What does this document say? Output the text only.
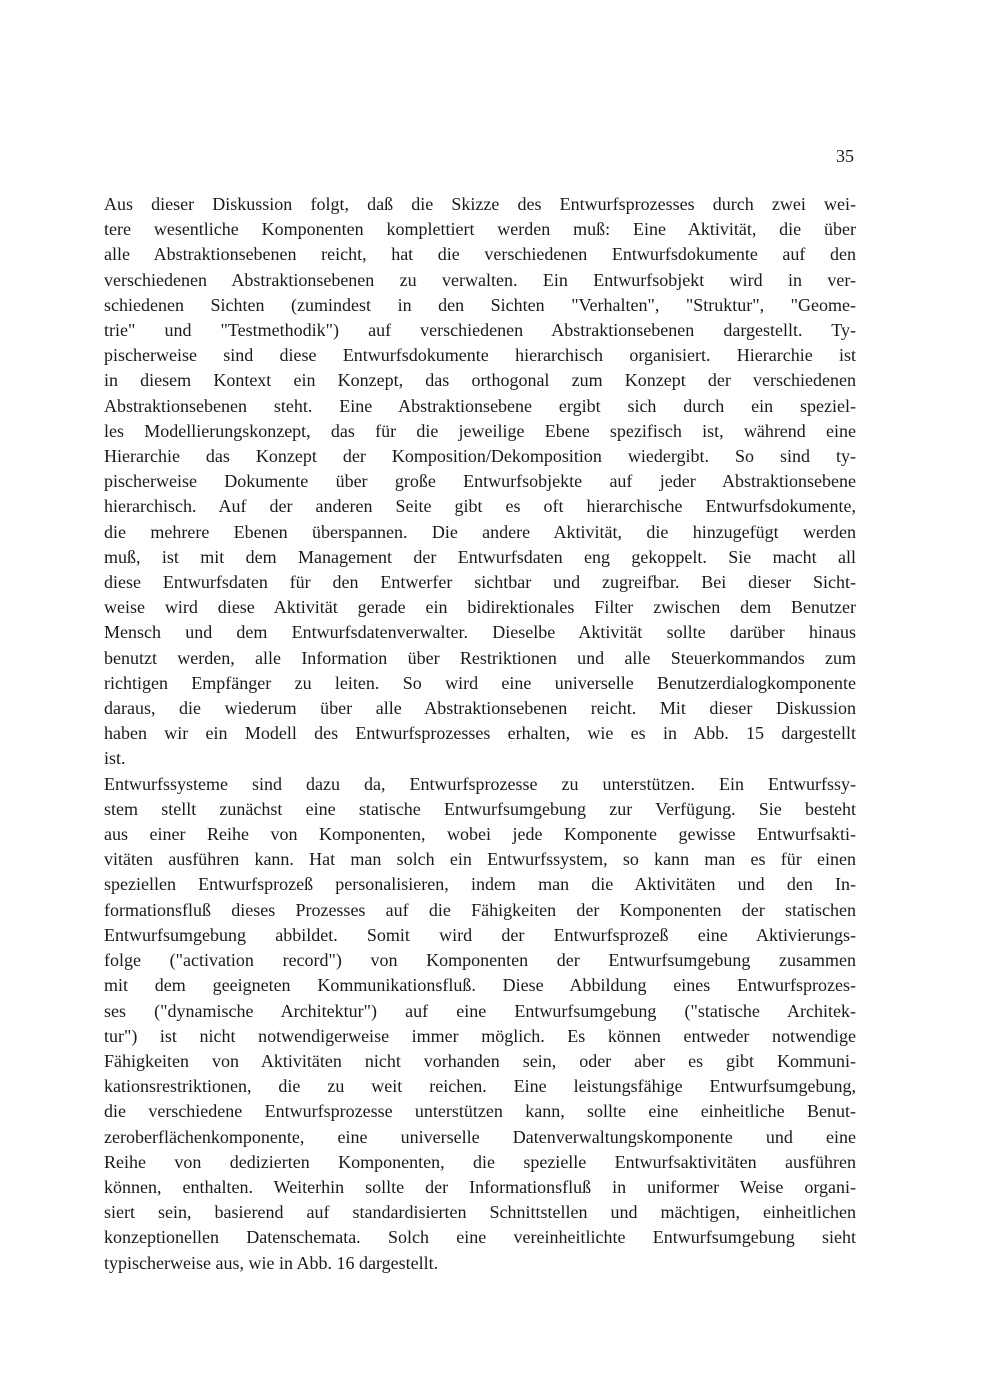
35
Aus dieser Diskussion folgt, daß die Skizze des Entwurfsprozesses durch zwei wei-
tere wesentliche Komponenten komplettiert werden muß: Eine Aktivität, die über
alle Abstraktionsebenen reicht, hat die verschiedenen Entwurfsdokumente auf den
verschiedenen Abstraktionsebenen zu verwalten. Ein Entwurfsobjekt wird in ver-
schiedenen Sichten (zumindest in den Sichten "Verhalten", "Struktur", "Geome-
trie" und "Testmethodik") auf verschiedenen Abstraktionsebenen dargestellt. Ty-
pischerweise sind diese Entwurfsdokumente hierarchisch organisiert. Hierarchie ist
in diesem Kontext ein Konzept, das orthogonal zum Konzept der verschiedenen
Abstraktionsebenen steht. Eine Abstraktionsebene ergibt sich durch ein speziel-
les Modellierungskonzept, das für die jeweilige Ebene spezifisch ist, während eine
Hierarchie das Konzept der Komposition/Dekomposition wiedergibt. So sind ty-
pischerweise Dokumente über große Entwurfsobjekte auf jeder Abstraktionsebene
hierarchisch. Auf der anderen Seite gibt es oft hierarchische Entwurfsdokumente,
die mehrere Ebenen überspannen. Die andere Aktivität, die hinzugefügt werden
muß, ist mit dem Management der Entwurfsdaten eng gekoppelt. Sie macht all
diese Entwurfsdaten für den Entwerfer sichtbar und zugreifbar. Bei dieser Sicht-
weise wird diese Aktivität gerade ein bidirektionales Filter zwischen dem Benutzer
Mensch und dem Entwurfsdatenverwalter. Dieselbe Aktivität sollte darüber hinaus
benutzt werden, alle Information über Restriktionen und alle Steuerkommandos zum
richtigen Empfänger zu leiten. So wird eine universelle Benutzerdialogkomponente
daraus, die wiederum über alle Abstraktionsebenen reicht. Mit dieser Diskussion
haben wir ein Modell des Entwurfsprozesses erhalten, wie es in Abb. 15 dargestellt
ist.
Entwurfssysteme sind dazu da, Entwurfsprozesse zu unterstützen. Ein Entwurfssy-
stem stellt zunächst eine statische Entwurfsumgebung zur Verfügung. Sie besteht
aus einer Reihe von Komponenten, wobei jede Komponente gewisse Entwurfsakti-
vitäten ausführen kann. Hat man solch ein Entwurfssystem, so kann man es für einen
speziellen Entwurfsprozeß personalisieren, indem man die Aktivitäten und den In-
formationsfluß dieses Prozesses auf die Fähigkeiten der Komponenten der statischen
Entwurfsumgebung abbildet. Somit wird der Entwurfsprozeß eine Aktivierungs-
folge ("activation record") von Komponenten der Entwurfsumgebung zusammen
mit dem geeigneten Kommunikationsfluß. Diese Abbildung eines Entwurfsprozes-
ses ("dynamische Architektur") auf eine Entwurfsumgebung ("statische Architek-
tur") ist nicht notwendigerweise immer möglich. Es können entweder notwendige
Fähigkeiten von Aktivitäten nicht vorhanden sein, oder aber es gibt Kommuni-
kationsrestriktionen, die zu weit reichen. Eine leistungsfähige Entwurfsumgebung,
die verschiedene Entwurfsprozesse unterstützen kann, sollte eine einheitliche Benut-
zeroberflächenkomponente, eine universelle Datenverwaltungskomponente und eine
Reihe von dedizierten Komponenten, die spezielle Entwurfsaktivitäten ausführen
können, enthalten. Weiterhin sollte der Informationsfluß in uniformer Weise organi-
siert sein, basierend auf standardisierten Schnittstellen und mächtigen, einheitlichen
konzeptionellen Datenschemata. Solch eine vereinheitlichte Entwurfsumgebung sieht
typischerweise aus, wie in Abb. 16 dargestellt.
